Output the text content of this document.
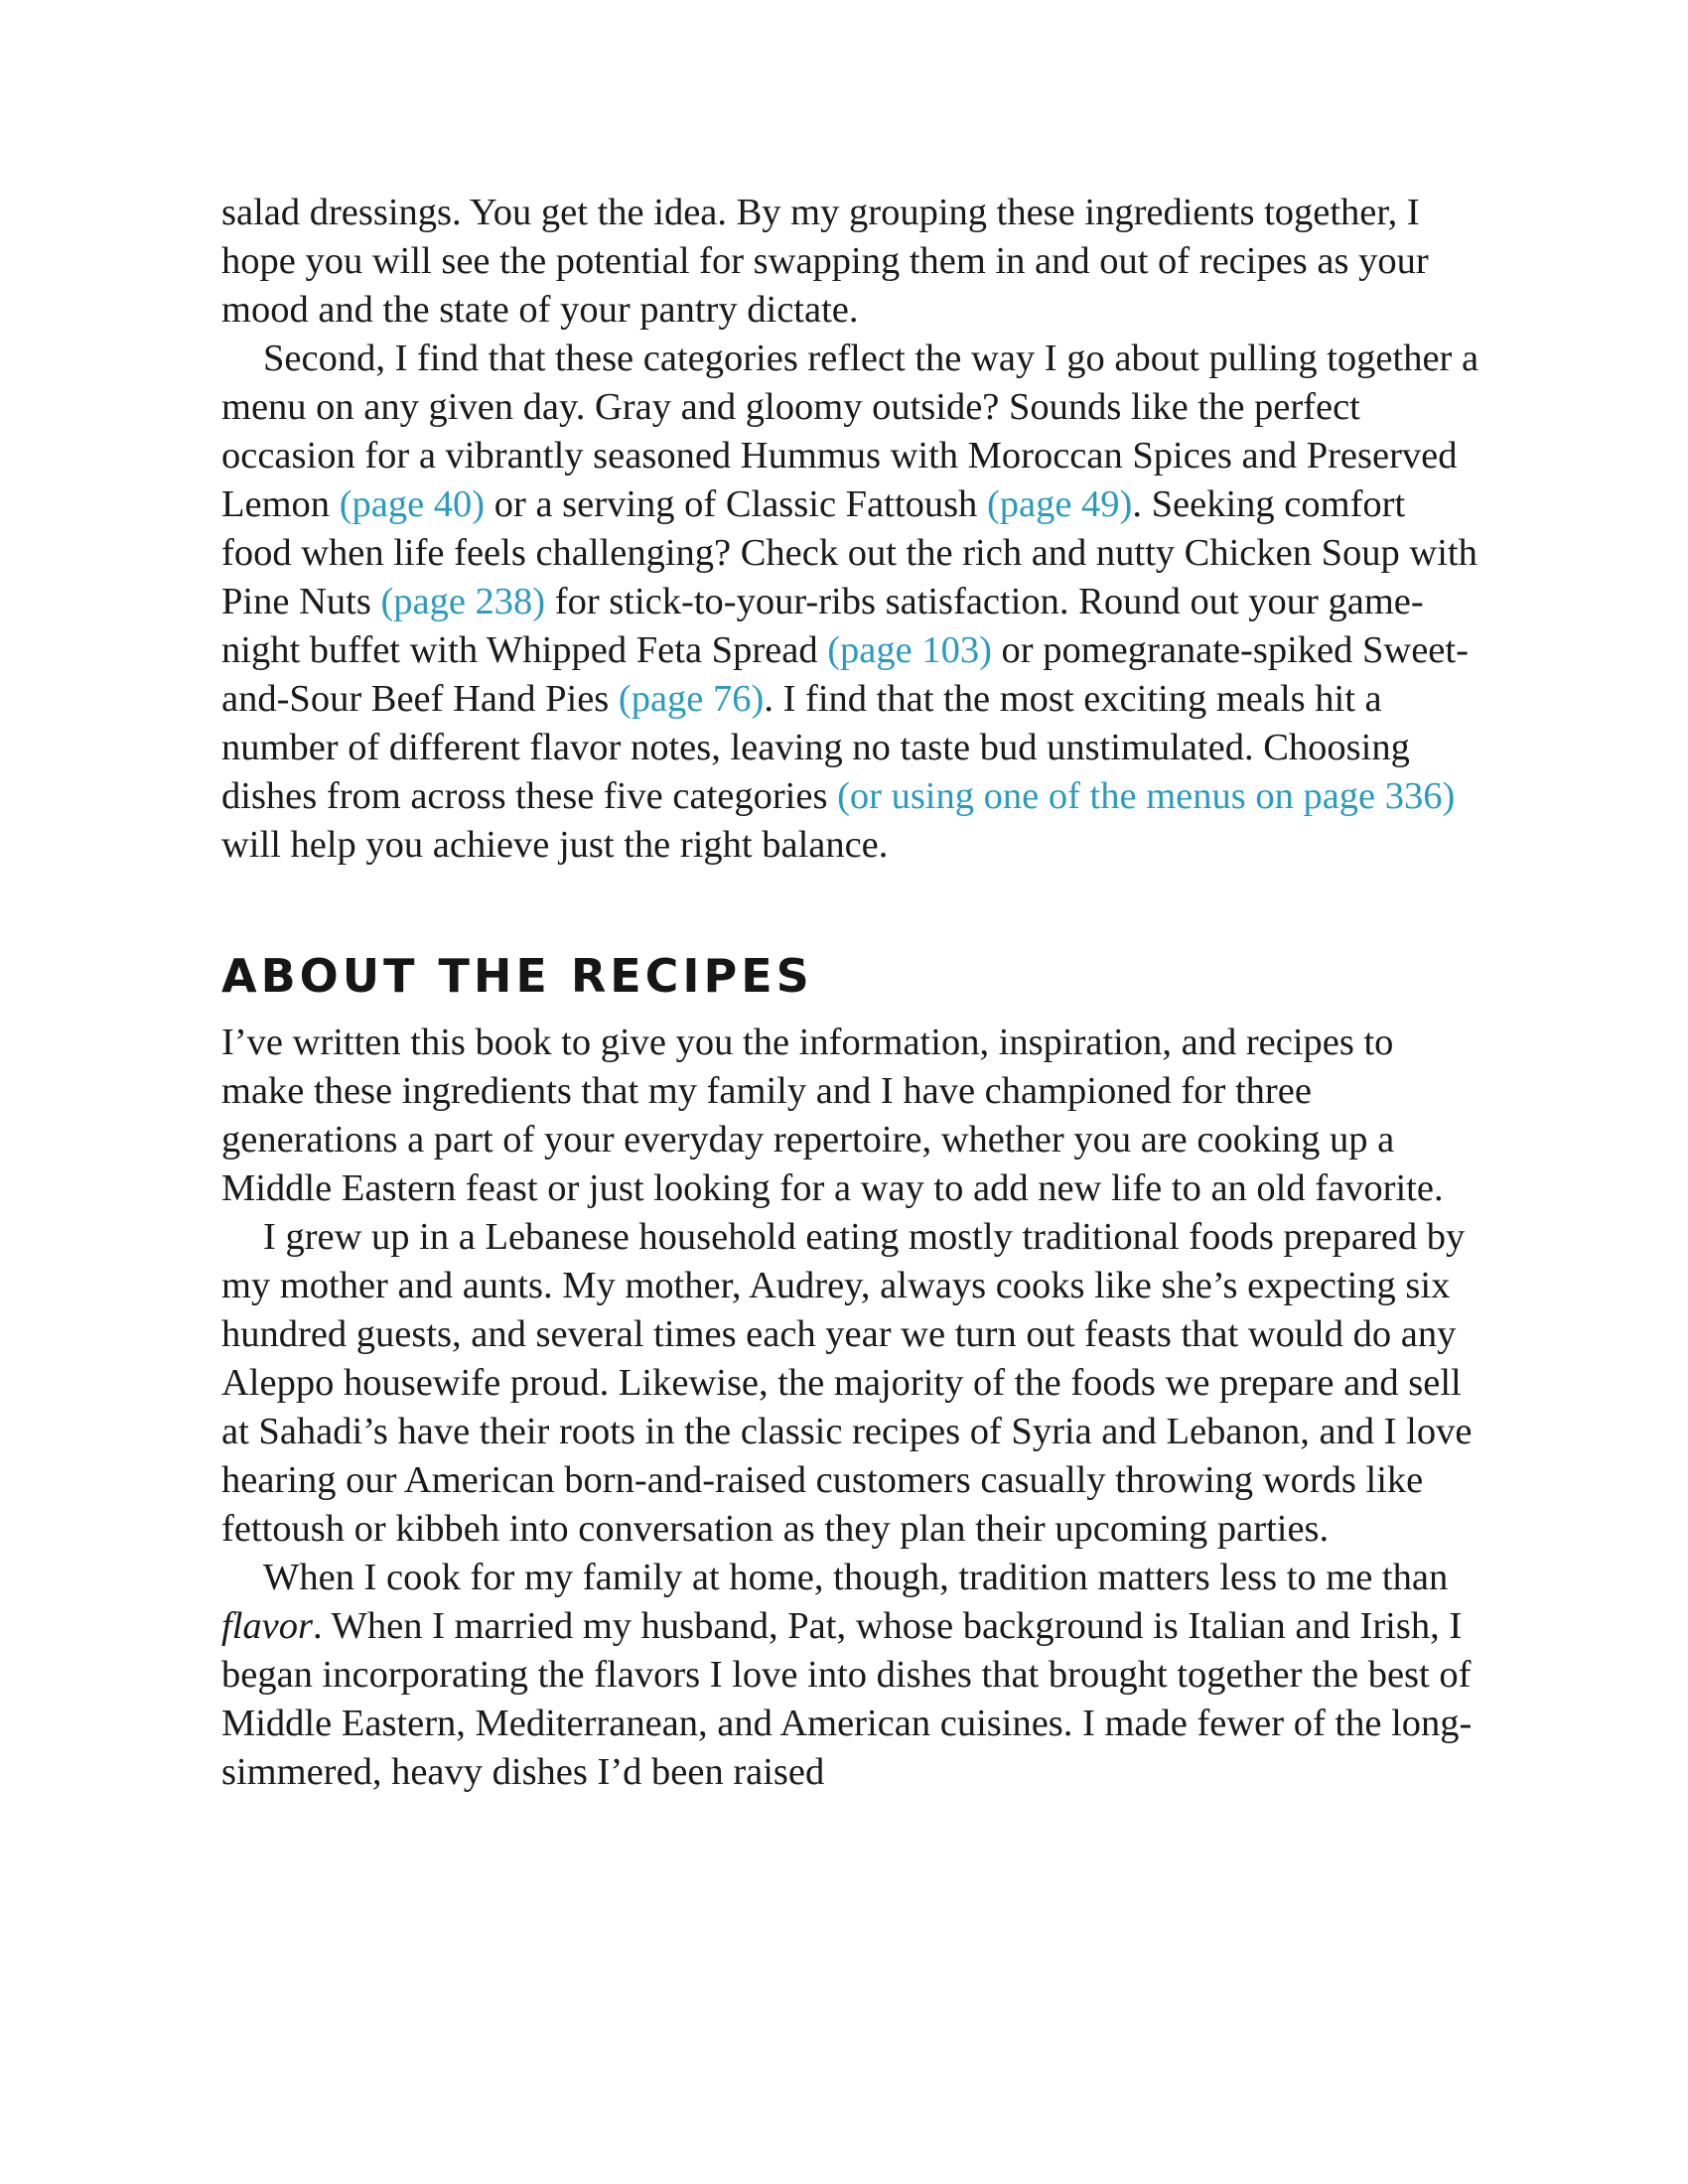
salad dressings. You get the idea. By my grouping these ingredients together, I hope you will see the potential for swapping them in and out of recipes as your mood and the state of your pantry dictate.

Second, I find that these categories reflect the way I go about pulling together a menu on any given day. Gray and gloomy outside? Sounds like the perfect occasion for a vibrantly seasoned Hummus with Moroccan Spices and Preserved Lemon (page 40) or a serving of Classic Fattoush (page 49). Seeking comfort food when life feels challenging? Check out the rich and nutty Chicken Soup with Pine Nuts (page 238) for stick-to-your-ribs satisfaction. Round out your game-night buffet with Whipped Feta Spread (page 103) or pomegranate-spiked Sweet-and-Sour Beef Hand Pies (page 76). I find that the most exciting meals hit a number of different flavor notes, leaving no taste bud unstimulated. Choosing dishes from across these five categories (or using one of the menus on page 336) will help you achieve just the right balance.

ABOUT THE RECIPES

I’ve written this book to give you the information, inspiration, and recipes to make these ingredients that my family and I have championed for three generations a part of your everyday repertoire, whether you are cooking up a Middle Eastern feast or just looking for a way to add new life to an old favorite.

I grew up in a Lebanese household eating mostly traditional foods prepared by my mother and aunts. My mother, Audrey, always cooks like she’s expecting six hundred guests, and several times each year we turn out feasts that would do any Aleppo housewife proud. Likewise, the majority of the foods we prepare and sell at Sahadi’s have their roots in the classic recipes of Syria and Lebanon, and I love hearing our American born-and-raised customers casually throwing words like fettoush or kibbeh into conversation as they plan their upcoming parties.

When I cook for my family at home, though, tradition matters less to me than flavor. When I married my husband, Pat, whose background is Italian and Irish, I began incorporating the flavors I love into dishes that brought together the best of Middle Eastern, Mediterranean, and American cuisines. I made fewer of the long-simmered, heavy dishes I’d been raised
